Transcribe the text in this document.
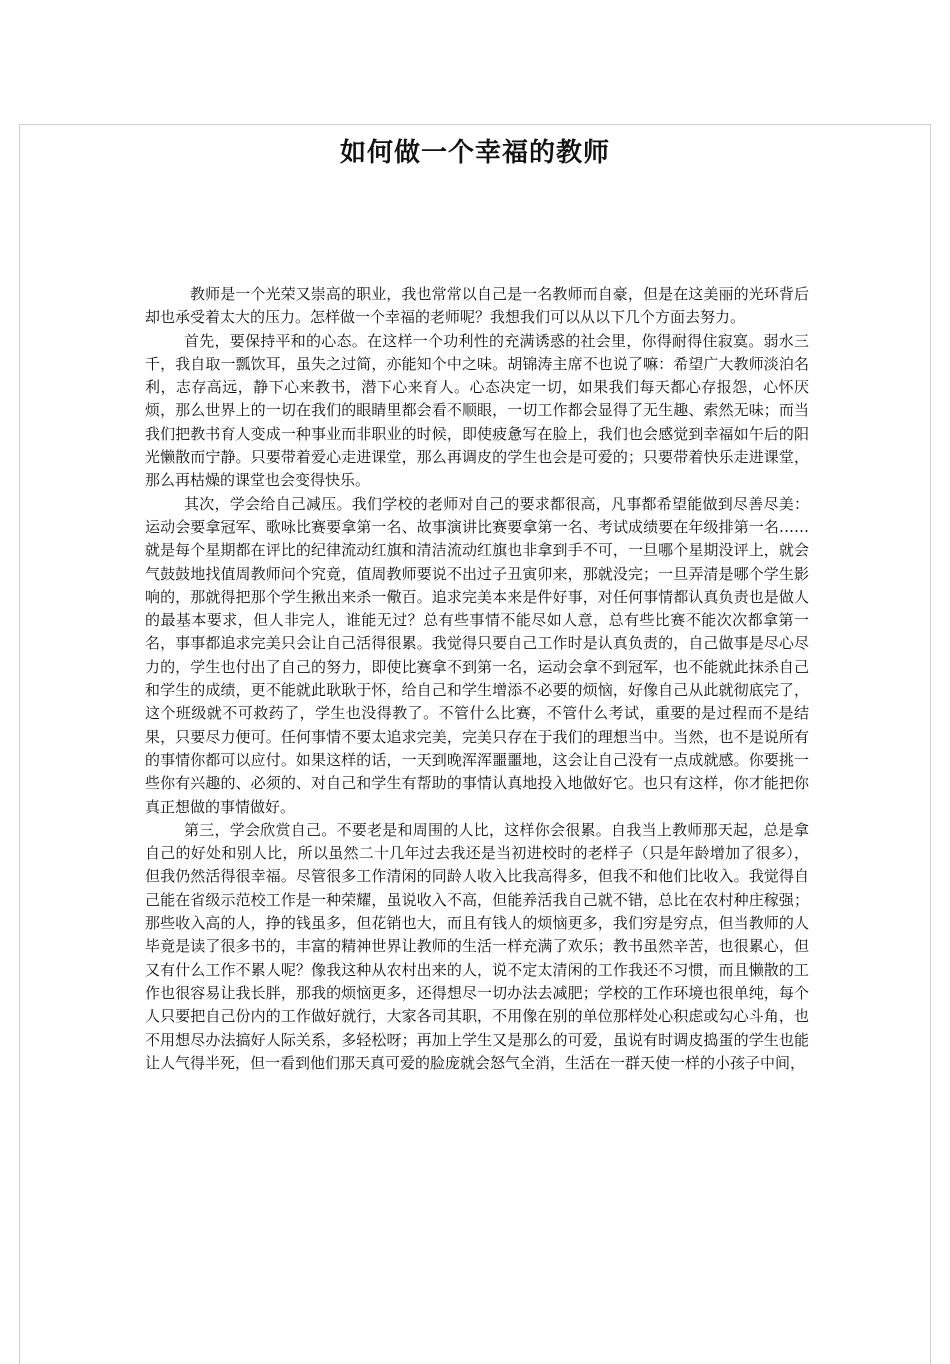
如何做一个幸福的教师

教师是一个光荣又崇高的职业，我也常常以自己是一名教师而自豪，但是在这美丽的光环背后却也承受着太大的压力。怎样做一个幸福的老师呢？我想我们可以从以下几个方面去努力。

首先，要保持平和的心态。在这样一个功利性的充满诱惑的社会里，你得耐得住寂寞。弱水三千，我自取一瓢饮耳，虽失之过简，亦能知个中之味。胡锦涛主席不也说了嘛：希望广大教师淡泊名利，志存高远，静下心来教书，潜下心来育人。心态决定一切，如果我们每天都心存报怨，心怀厌烦，那么世界上的一切在我们的眼睛里都会看不顺眼，一切工作都会显得了无生趣、索然无味；而当我们把教书育人变成一种事业而非职业的时候，即使疲惫写在脸上，我们也会感觉到幸福如午后的阳光懒散而宁静。只要带着爱心走进课堂，那么再调皮的学生也会是可爱的；只要带着快乐走进课堂，那么再枯燥的课堂也会变得快乐。

其次，学会给自己减压。我们学校的老师对自己的要求都很高，凡事都希望能做到尽善尽美：运动会要拿冠军、歌咏比赛要拿第一名、故事演讲比赛要拿第一名、考试成绩要在年级排第一名……就是每个星期都在评比的纪律流动红旗和清洁流动红旗也非拿到手不可，一旦哪个星期没评上，就会气鼓鼓地找值周教师问个究竟，值周教师要说不出过子丑寅卯来，那就没完；一旦弄清是哪个学生影响的，那就得把那个学生揪出来杀一儆百。追求完美本来是件好事，对任何事情都认真负责也是做人的最基本要求，但人非完人，谁能无过？总有些事情不能尽如人意，总有些比赛不能次次都拿第一名，事事都追求完美只会让自己活得很累。我觉得只要自己工作时是认真负责的，自己做事是尽心尽力的，学生也付出了自己的努力，即使比赛拿不到第一名，运动会拿不到冠军，也不能就此抹杀自己和学生的成绩，更不能就此耿耿于怀，给自己和学生增添不必要的烦恼，好像自己从此就彻底完了，这个班级就不可救药了，学生也没得教了。不管什么比赛，不管什么考试，重要的是过程而不是结果，只要尽力便可。任何事情不要太追求完美，完美只存在于我们的理想当中。当然，也不是说所有的事情你都可以应付。如果这样的话，一天到晚浑浑噩噩地，这会让自己没有一点成就感。你要挑一些你有兴趣的、必须的、对自己和学生有帮助的事情认真地投入地做好它。也只有这样，你才能把你真正想做的事情做好。

第三，学会欣赏自己。不要老是和周围的人比，这样你会很累。自我当上教师那天起，总是拿自己的好处和别人比，所以虽然二十几年过去我还是当初进校时的老样子（只是年龄增加了很多），但我仍然活得很幸福。尽管很多工作清闲的同龄人收入比我高得多，但我不和他们比收入。我觉得自己能在省级示范校工作是一种荣耀，虽说收入不高，但能养活我自己就不错，总比在农村种庄稼强；那些收入高的人，挣的钱虽多，但花销也大，而且有钱人的烦恼更多，我们穷是穷点，但当教师的人毕竟是读了很多书的，丰富的精神世界让教师的生活一样充满了欢乐；教书虽然辛苦，也很累心，但又有什么工作不累人呢？像我这种从农村出来的人，说不定太清闲的工作我还不习惯，而且懒散的工作也很容易让我长胖，那我的烦恼更多，还得想尽一切办法去减肥；学校的工作环境也很单纯，每个人只要把自己份内的工作做好就行，大家各司其职，不用像在别的单位那样处心积虑或勾心斗角，也不用想尽办法搞好人际关系，多轻松呀；再加上学生又是那么的可爱，虽说有时调皮捣蛋的学生也能让人气得半死，但一看到他们那天真可爱的脸庞就会怒气全消，生活在一群天使一样的小孩子中间，
